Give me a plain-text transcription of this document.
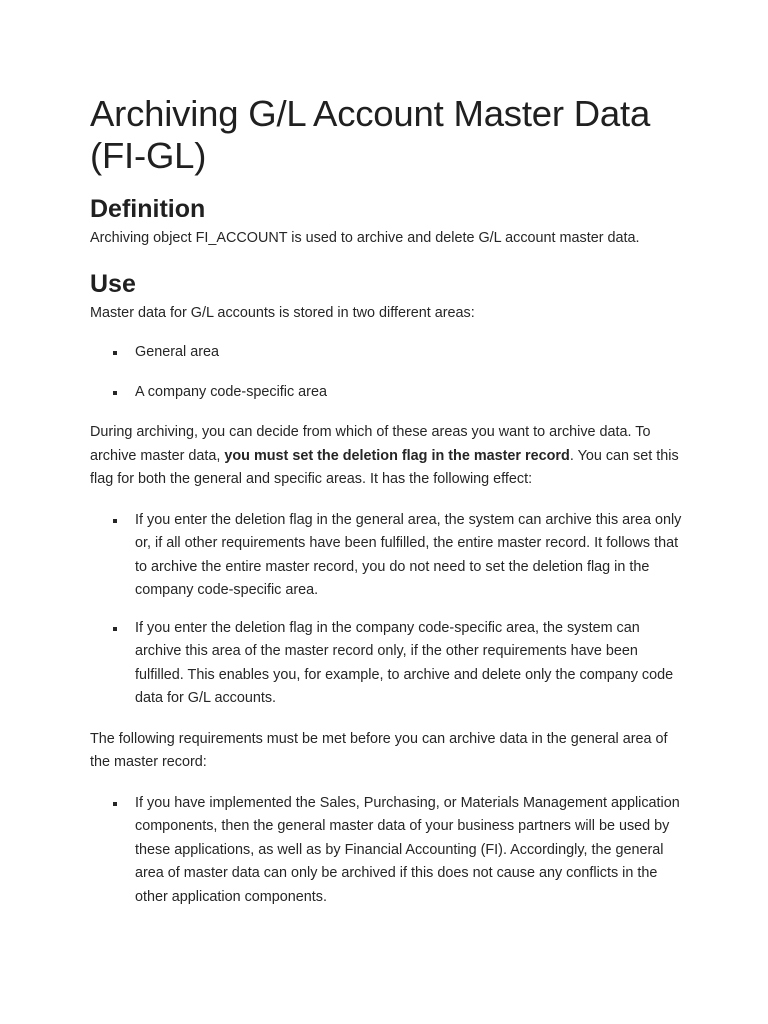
Archiving G/L Account Master Data (FI-GL)
Definition

Archiving object FI_ACCOUNT is used to archive and delete G/L account master data.

Use

Master data for G/L accounts is stored in two different areas:

General area
A company code-specific area

During archiving, you can decide from which of these areas you want to archive data. To archive master data, you must set the deletion flag in the master record. You can set this flag for both the general and specific areas. It has the following effect:

If you enter the deletion flag in the general area, the system can archive this area only or, if all other requirements have been fulfilled, the entire master record. It follows that to archive the entire master record, you do not need to set the deletion flag in the company code-specific area.
If you enter the deletion flag in the company code-specific area, the system can archive this area of the master record only, if the other requirements have been fulfilled. This enables you, for example, to archive and delete only the company code data for G/L accounts.

The following requirements must be met before you can archive data in the general area of the master record:

If you have implemented the Sales, Purchasing, or Materials Management application components, then the general master data of your business partners will be used by these applications, as well as by Financial Accounting (FI). Accordingly, the general area of master data can only be archived if this does not cause any conflicts in the other application components.
